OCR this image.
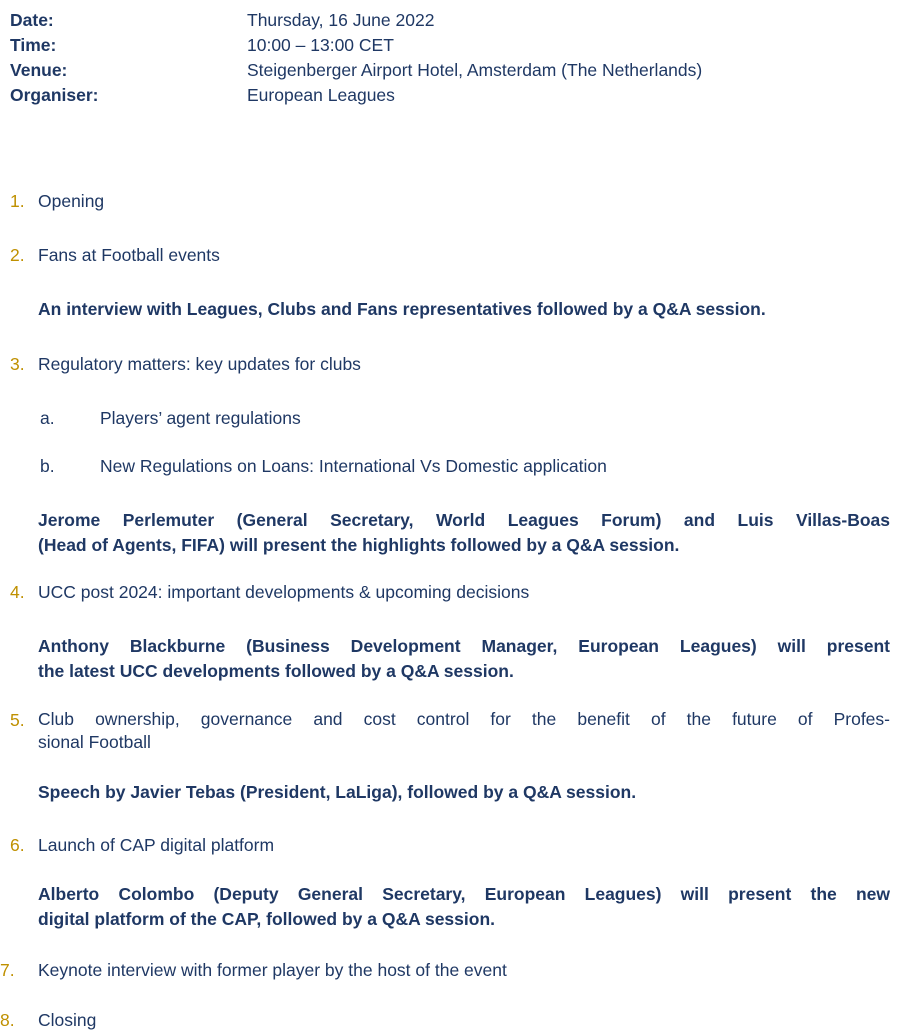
Date:	Thursday, 16 June 2022
Time:	10:00 – 13:00 CET
Venue:	Steigenberger Airport Hotel, Amsterdam (The Netherlands)
Organiser:	European Leagues
1. Opening
2. Fans at Football events
An interview with Leagues, Clubs and Fans representatives followed by a Q&A session.
3. Regulatory matters: key updates for clubs
a.	Players’ agent regulations
b.	New Regulations on Loans: International Vs Domestic application
Jerome Perlemuter (General Secretary, World Leagues Forum) and Luis Villas-Boas
(Head of Agents, FIFA) will present the highlights followed by a Q&A session.
4. UCC post 2024: important developments & upcoming decisions
Anthony Blackburne (Business Development Manager, European Leagues) will present
the latest UCC developments followed by a Q&A session.
5. Club ownership, governance and cost control for the benefit of the future of Profes-
sional Football
Speech by Javier Tebas (President, LaLiga), followed by a Q&A session.
6. Launch of CAP digital platform
Alberto Colombo (Deputy General Secretary, European Leagues) will present the new
digital platform of the CAP, followed by a Q&A session.
7.	Keynote interview with former player by the host of the event
8.	Closing
